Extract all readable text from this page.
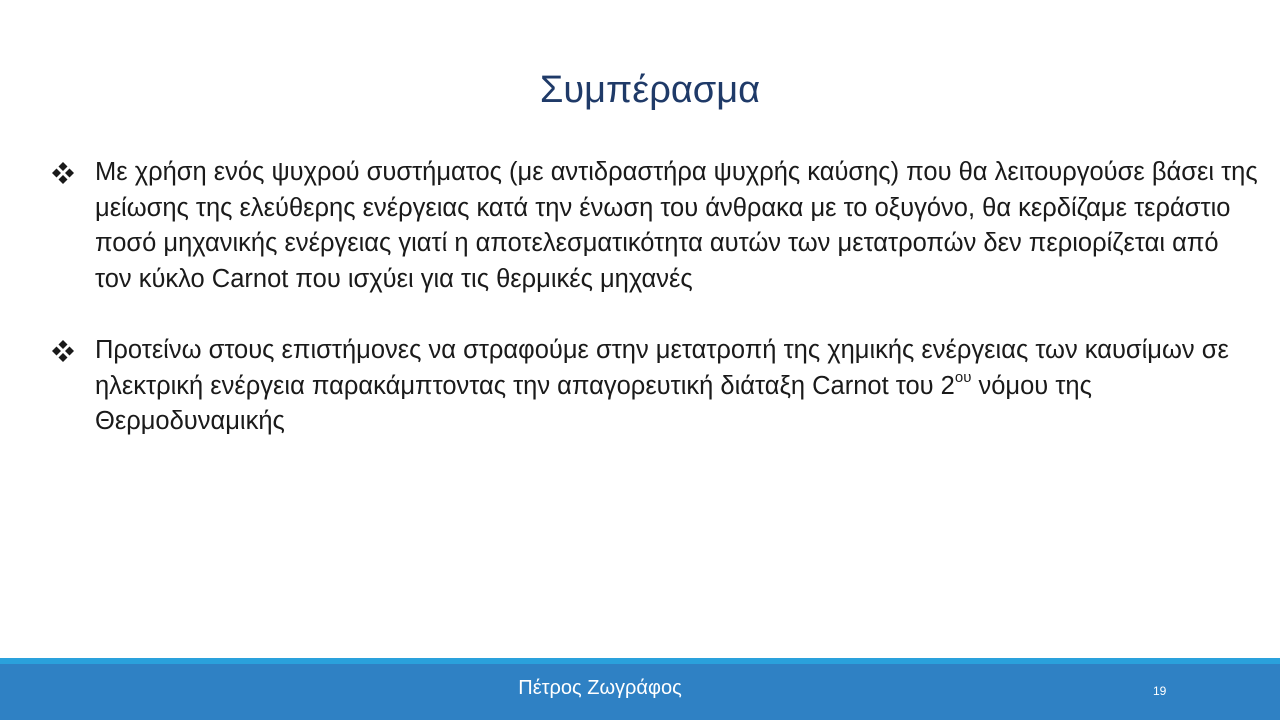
Συμπέρασμα
Με χρήση ενός ψυχρού συστήματος (με αντιδραστήρα ψυχρής καύσης) που θα λειτουργούσε βάσει της μείωσης της ελεύθερης ενέργειας κατά την ένωση του άνθρακα με το οξυγόνο, θα κερδίζαμε τεράστιο ποσό μηχανικής ενέργειας γιατί η αποτελεσματικότητα αυτών των μετατροπών δεν περιορίζεται από τον κύκλο Carnot που ισχύει για τις θερμικές μηχανές
Προτείνω στους επιστήμονες να στραφούμε στην μετατροπή της χημικής ενέργειας των καυσίμων σε ηλεκτρική ενέργεια παρακάμπτοντας την απαγορευτική διάταξη Carnot του $2^{o\upsilon}$ νόμου της Θερμοδυναμικής
Πέτρος Ζωγράφος	19
